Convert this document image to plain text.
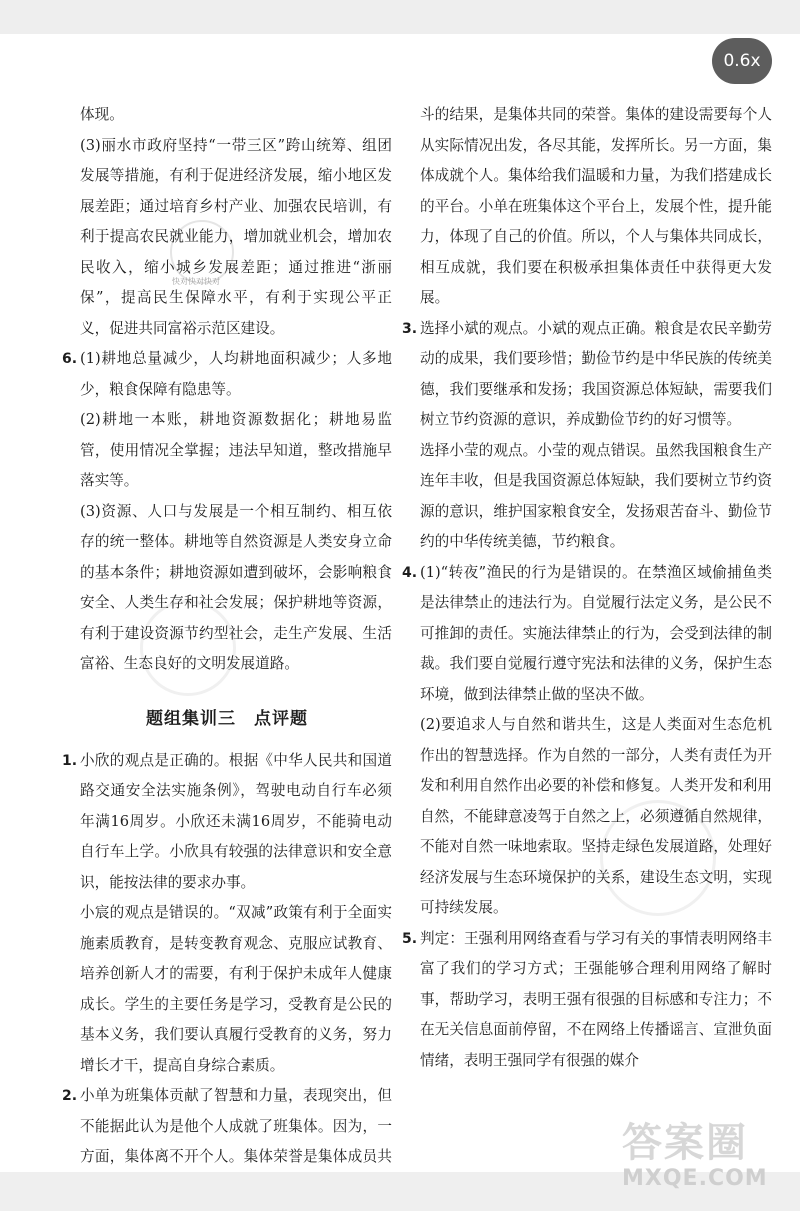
快对快对快对
0.6x

体现。

(3)丽水市政府坚持“一带三区”跨山统筹、组团发展等措施，有利于促进经济发展，缩小地区发展差距；通过培育乡村产业、加强农民培训，有利于提高农民就业能力，增加就业机会，增加农民收入，缩小城乡发展差距；通过推进“浙丽保”，提高民生保障水平，有利于实现公平正义，促进共同富裕示范区建设。

6. (1)耕地总量减少，人均耕地面积减少；人多地少，粮食保障有隐患等。

(2)耕地一本账，耕地资源数据化；耕地易监管，使用情况全掌握；违法早知道，整改措施早落实等。

(3)资源、人口与发展是一个相互制约、相互依存的统一整体。耕地等自然资源是人类安身立命的基本条件；耕地资源如遭到破坏，会影响粮食安全、人类生存和社会发展；保护耕地等资源，有利于建设资源节约型社会，走生产发展、生活富裕、生态良好的文明发展道路。

题组集训三　点评题
1. 小欣的观点是正确的。根据《中华人民共和国道路交通安全法实施条例》，驾驶电动自行车必须年满16周岁。小欣还未满16周岁，不能骑电动自行车上学。小欣具有较强的法律意识和安全意识，能按法律的要求办事。

小宸的观点是错误的。“双减”政策有利于全面实施素质教育，是转变教育观念、克服应试教育、培养创新人才的需要，有利于保护未成年人健康成长。学生的主要任务是学习，受教育是公民的基本义务，我们要认真履行受教育的义务，努力增长才干，提高自身综合素质。

2. 小单为班集体贡献了智慧和力量，表现突出，但不能据此认为是他个人成就了班集体。因为，一方面，集体离不开个人。集体荣誉是集体成员共

斗的结果，是集体共同的荣誉。集体的建设需要每个人从实际情况出发，各尽其能，发挥所长。另一方面，集体成就个人。集体给我们温暖和力量，为我们搭建成长的平台。小单在班集体这个平台上，发展个性，提升能力，体现了自己的价值。所以，个人与集体共同成长，相互成就，我们要在积极承担集体责任中获得更大发展。

3. 选择小斌的观点。小斌的观点正确。粮食是农民辛勤劳动的成果，我们要珍惜；勤俭节约是中华民族的传统美德，我们要继承和发扬；我国资源总体短缺，需要我们树立节约资源的意识，养成勤俭节约的好习惯等。

选择小莹的观点。小莹的观点错误。虽然我国粮食生产连年丰收，但是我国资源总体短缺，我们要树立节约资源的意识，维护国家粮食安全，发扬艰苦奋斗、勤俭节约的中华传统美德，节约粮食。

4. (1)“转夜”渔民的行为是错误的。在禁渔区域偷捕鱼类是法律禁止的违法行为。自觉履行法定义务，是公民不可推卸的责任。实施法律禁止的行为，会受到法律的制裁。我们要自觉履行遵守宪法和法律的义务，保护生态环境，做到法律禁止做的坚决不做。

(2)要追求人与自然和谐共生，这是人类面对生态危机作出的智慧选择。作为自然的一部分，人类有责任为开发和利用自然作出必要的补偿和修复。人类开发和利用自然，不能肆意凌驾于自然之上，必须遵循自然规律，不能对自然一味地索取。坚持走绿色发展道路，处理好经济发展与生态环境保护的关系，建设生态文明，实现可持续发展。

5. 判定：王强利用网络查看与学习有关的事情表明网络丰富了我们的学习方式；王强能够合理利用网络了解时事，帮助学习，表明王强有很强的目标感和专注力；不在无关信息面前停留，不在网络上传播谣言、宣泄负面情绪，表明王强同学有很强的媒介
答案圈
MXQE.COM
